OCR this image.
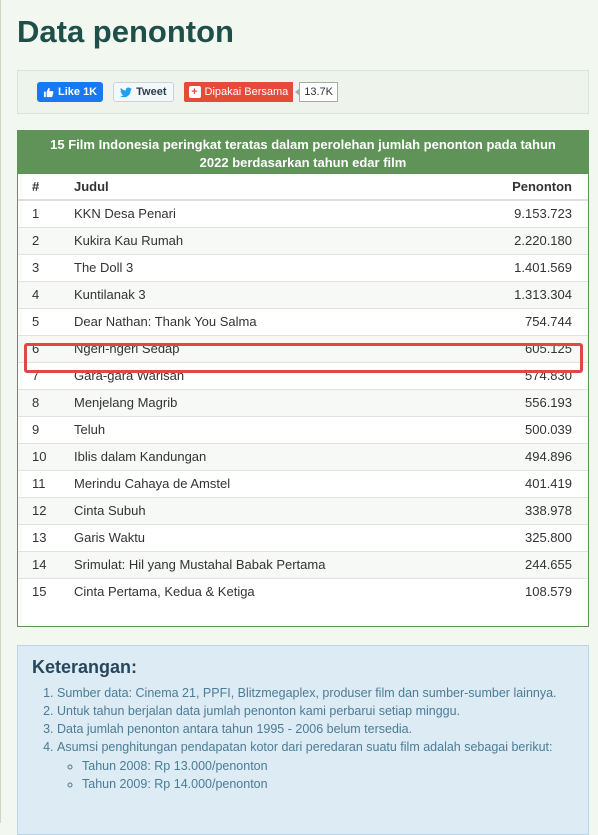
Data penonton
Like 1K	Tweet + Dipakai Bersama	13.7K
15 Film Indonesia peringkat teratas dalam perolehan jumlah penonton pada tahun 2022 berdasarkan tahun edar film
#	Judul	Penonton
1	KKN Desa Penari	9.153.723
2	Kukira Kau Rumah	2.220.180
3	The Doll 3	1.401.569
4	Kuntilanak 3	1.313.304
5	Dear Nathan: Thank You Salma	754.744
6	Ngeri-ngeri Sedap	605.125
7	Gara-gara Warisan	574.830
8	Menjelang Magrib	556.193
9	Teluh	500.039
10	Iblis dalam Kandungan	494.896
11	Merindu Cahaya de Amstel	401.419
12	Cinta Subuh	338.978
13	Garis Waktu	325.800
14	Srimulat: Hil yang Mustahal Babak Pertama	244.655
15	Cinta Pertama, Kedua & Ketiga	108.579
Keterangan:
1. Sumber data: Cinema 21, PPFI, Blitzmegaplex, produser film dan sumber-sumber lainnya.
2. Untuk tahun berjalan data jumlah penonton kami perbarui setiap minggu.
3. Data jumlah penonton antara tahun 1995 - 2006 belum tersedia.
4. Asumsi penghitungan pendapatan kotor dari peredaran suatu film adalah sebagai berikut:
◦ Tahun 2008: Rp 13.000/penonton
◦ Tahun 2009: Rp 14.000/penonton
